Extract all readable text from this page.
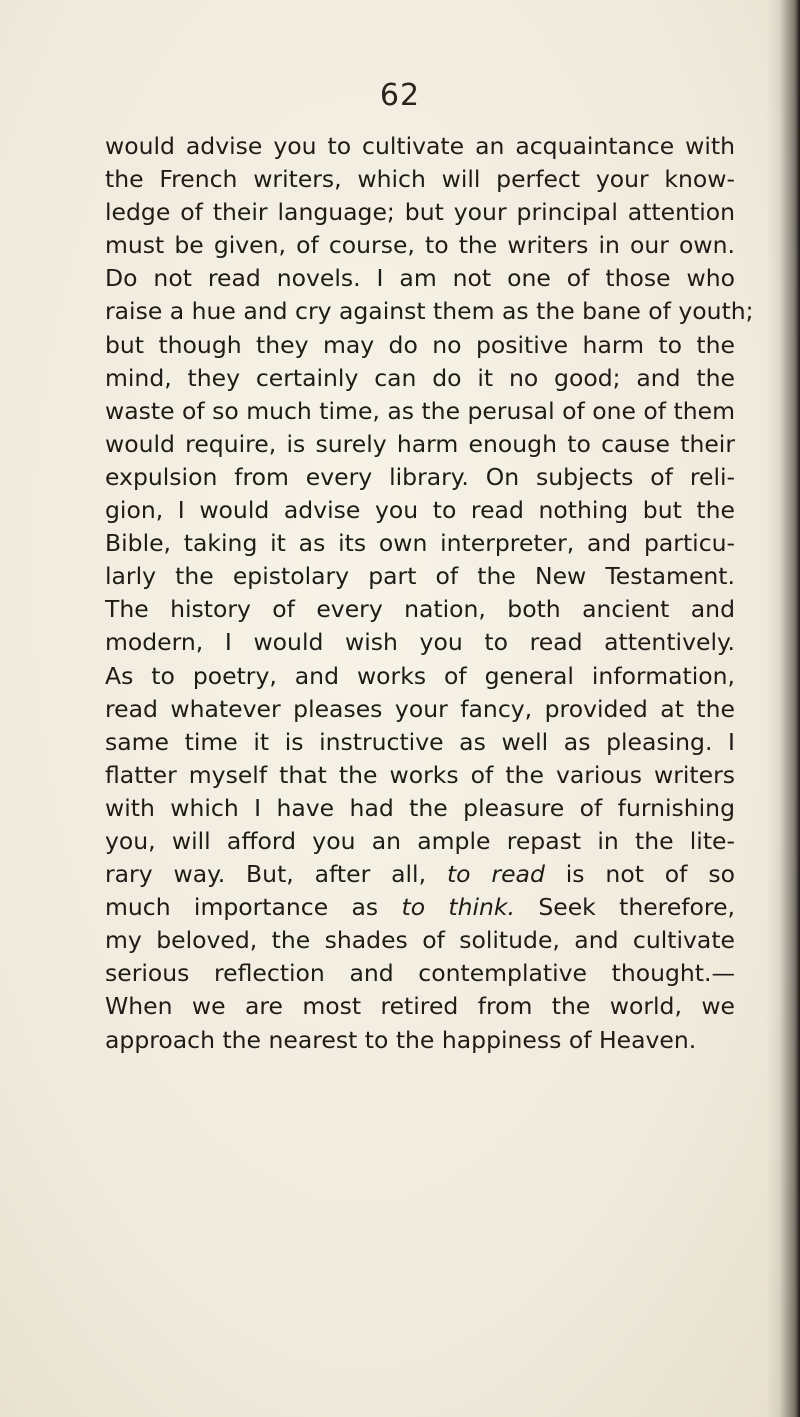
62
would advise you to cultivate an acquaintance with
the French writers, which will perfect your know-
ledge of their language; but your principal attention
must be given, of course, to the writers in our own.
Do not read novels. I am not one of those who
raise a hue and cry against them as the bane of youth;
but though they may do no positive harm to the
mind, they certainly can do it no good; and the
waste of so much time, as the perusal of one of them
would require, is surely harm enough to cause their
expulsion from every library. On subjects of reli-
gion, I would advise you to read nothing but the
Bible, taking it as its own interpreter, and particu-
larly the epistolary part of the New Testament.
The history of every nation, both ancient and
modern, I would wish you to read attentively.
As to poetry, and works of general information,
read whatever pleases your fancy, provided at the
same time it is instructive as well as pleasing. I
flatter myself that the works of the various writers
with which I have had the pleasure of furnishing
you, will afford you an ample repast in the lite-
rary way. But, after all, to read is not of so
much importance as to think. Seek therefore,
my beloved, the shades of solitude, and cultivate
serious reflection and contemplative thought.—
When we are most retired from the world, we
approach the nearest to the happiness of Heaven.
